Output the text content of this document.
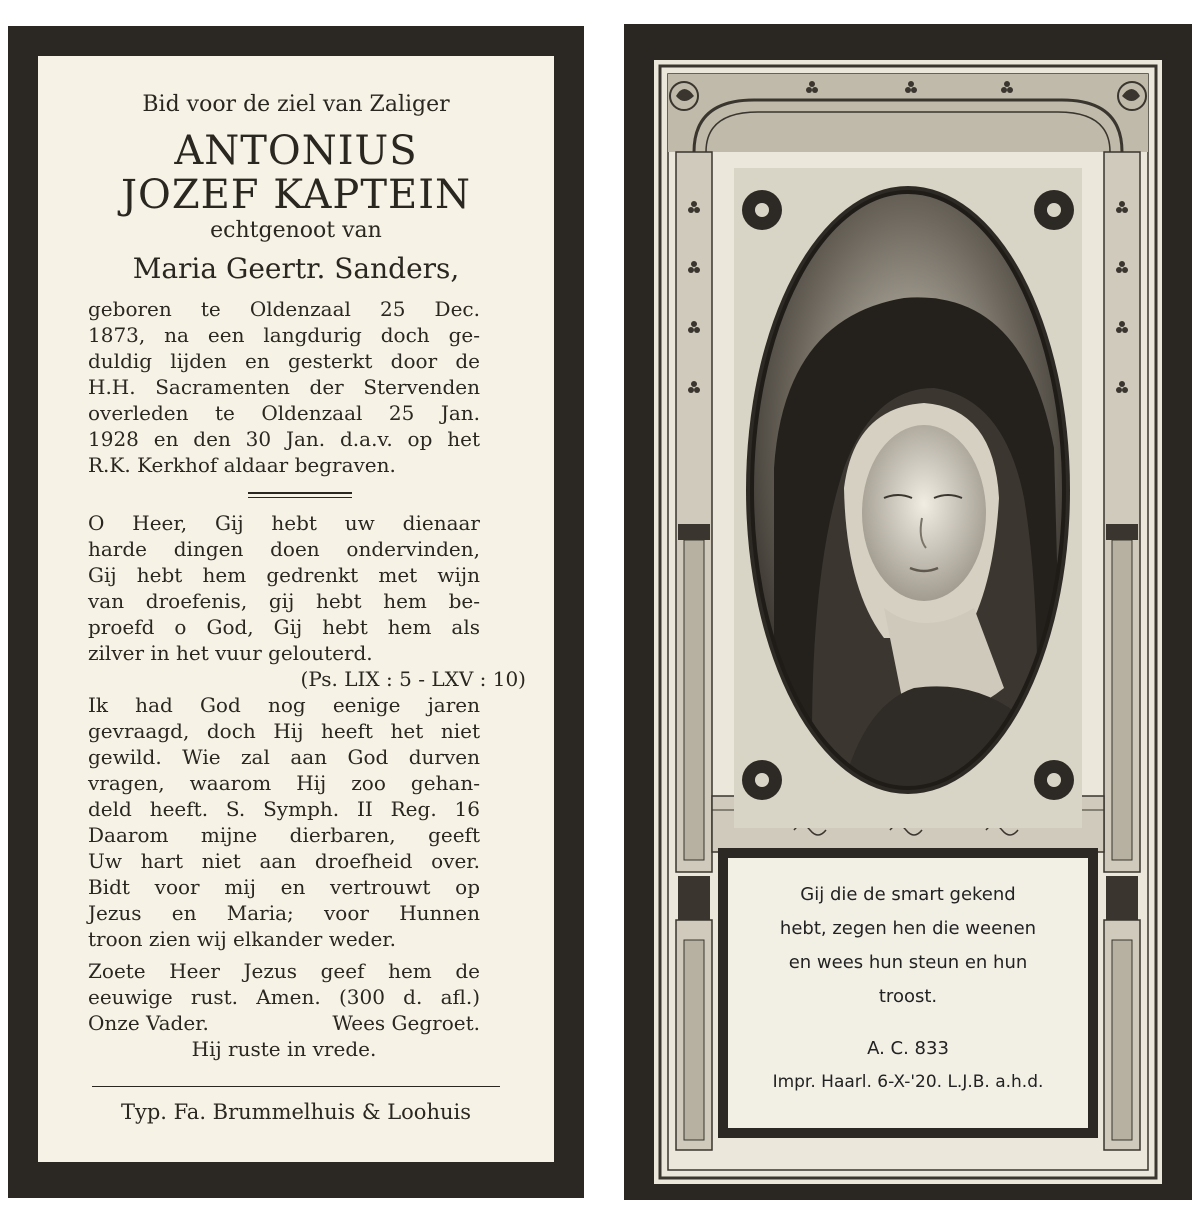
Bid voor de ziel van Zaliger
ANTONIUS
JOZEF KAPTEIN
echtgenoot van
Maria Geertr. Sanders,
geboren te Oldenzaal 25 Dec.
1873, na een langdurig doch ge-
duldig lijden en gesterkt door de
H.H. Sacramenten der Stervenden
overleden te Oldenzaal 25 Jan.
1928 en den 30 Jan. d.a.v. op het
R.K. Kerkhof aldaar begraven.
O Heer, Gij hebt uw dienaar
harde dingen doen ondervinden,
Gij hebt hem gedrenkt met wijn
van droefenis, gij hebt hem be-
proefd o God, Gij hebt hem als
zilver in het vuur gelouterd.
(Ps. LIX : 5 - LXV : 10)
Ik had God nog eenige jaren
gevraagd, doch Hij heeft het niet
gewild. Wie zal aan God durven
vragen, waarom Hij zoo gehan-
deld heeft. S. Symph. II Reg. 16
Daarom mijne dierbaren, geeft
Uw hart niet aan droefheid over.
Bidt voor mij en vertrouwt op
Jezus en Maria; voor Hunnen
troon zien wij elkander weder.
Zoete Heer Jezus geef hem de
eeuwige rust. Amen. (300 d. afl.)
Onze Vader.	Wees Gegroet.
Hij ruste in vrede.
Typ. Fa. Brummelhuis & Loohuis
Gij die de smart gekend
hebt, zegen hen die weenen
en wees hun steun en hun
troost.
A. C. 833
Impr. Haarl. 6-X-'20. L.J.B. a.h.d.
